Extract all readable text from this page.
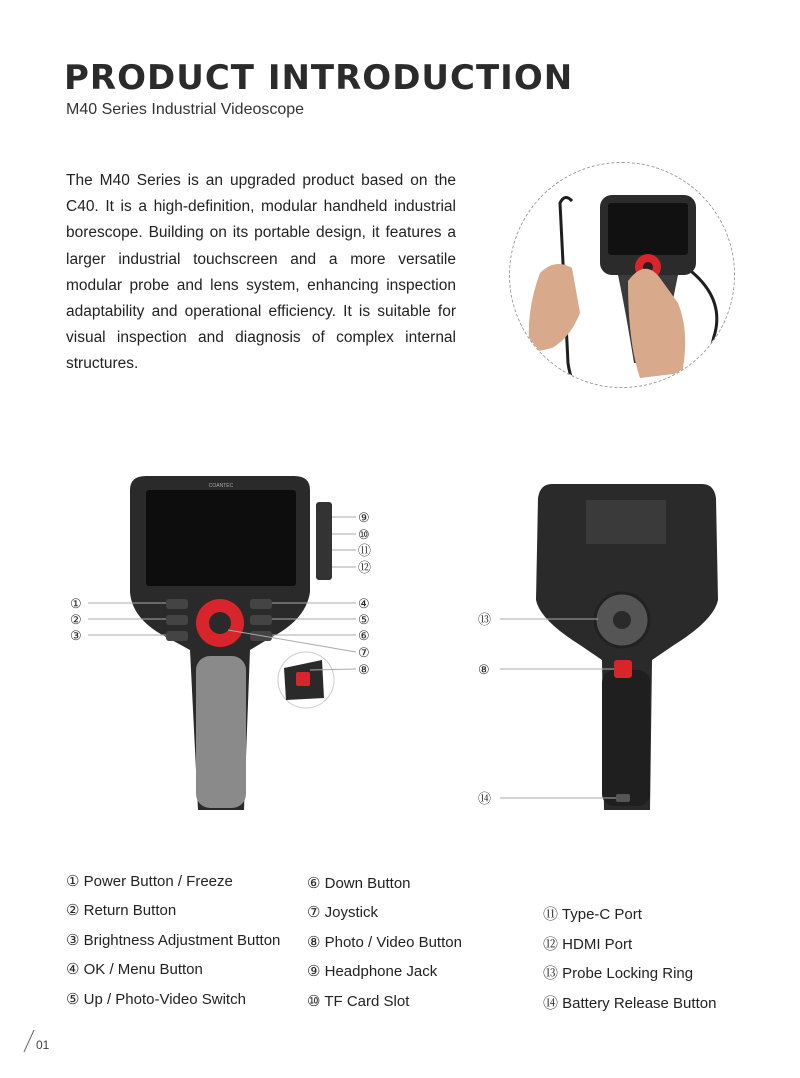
PRODUCT INTRODUCTION
M40 Series Industrial Videoscope

The M40 Series is an upgraded product based on the C40. It is a high-definition, modular handheld industrial borescope. Building on its portable design, it features a larger industrial touchscreen and a more versatile modular probe and lens system, enhancing inspection adaptability and operational efficiency. It is suitable for visual inspection and diagnosis of complex internal structures.

COANTEC
①
②
③
④
⑤
⑥
⑦
⑧
⑨
⑩
⑪
⑫
⑬
⑧
⑭
① Power Button / Freeze
② Return Button
③ Brightness Adjustment Button
④ OK / Menu Button
⑤ Up / Photo-Video Switch
⑥ Down Button
⑦ Joystick
⑧ Photo / Video Button
⑨ Headphone Jack
⑩ TF Card Slot
⑪ Type-C Port
⑫ HDMI Port
⑬ Probe Locking Ring
⑭ Battery Release Button
01
